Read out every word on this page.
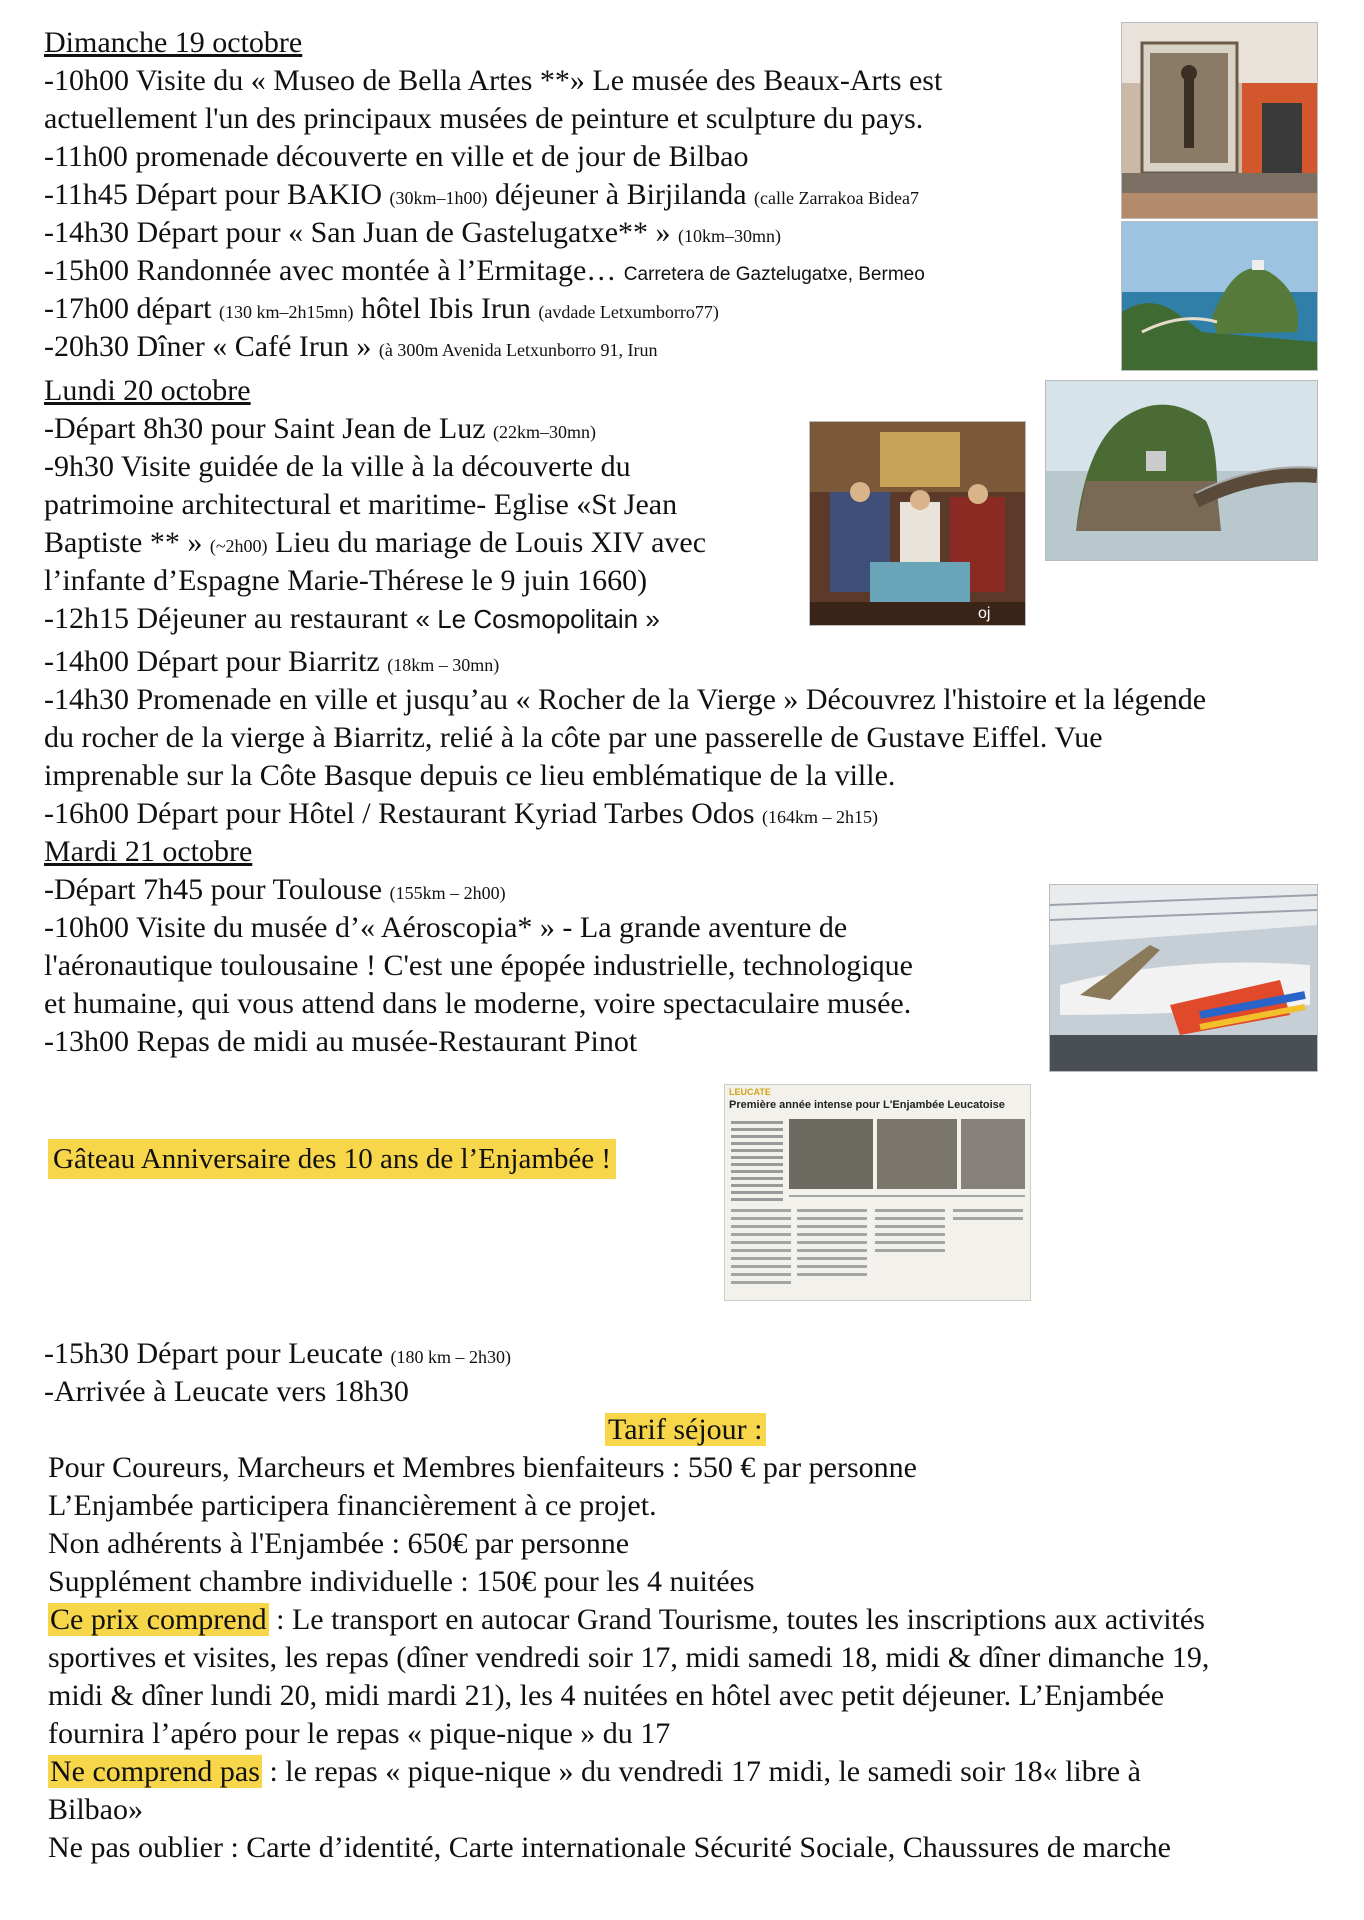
Dimanche 19 octobre
-10h00 Visite du « Museo de Bella Artes **» Le musée des Beaux-Arts est
actuellement l'un des principaux musées de peinture et sculpture du pays.
-11h00 promenade découverte en ville et de jour de Bilbao
-11h45 Départ pour BAKIO (30km–1h00) déjeuner à Birjilanda (calle Zarrakoa Bidea7
-14h30 Départ pour « San Juan de Gastelugatxe** » (10km–30mn)
-15h00 Randonnée avec montée à l’Ermitage… Carretera de Gaztelugatxe, Bermeo
-17h00 départ (130 km–2h15mn) hôtel Ibis Irun (avdade Letxumborro77)
-20h30 Dîner « Café Irun » (à 300m Avenida Letxunborro 91, Irun
Lundi 20 octobre
-Départ 8h30 pour Saint Jean de Luz (22km–30mn)
-9h30 Visite guidée de la ville à la découverte du
patrimoine architectural et maritime- Eglise «St Jean
Baptiste ** » (~2h00) Lieu du mariage de Louis XIV avec
l’infante d’Espagne Marie-Thérese le 9 juin 1660)
-12h15 Déjeuner au restaurant « Le Cosmopolitain »
-14h00 Départ pour Biarritz (18km – 30mn)
-14h30 Promenade en ville et jusqu’au « Rocher de la Vierge » Découvrez l'histoire et la légende
du rocher de la vierge à Biarritz, relié à la côte par une passerelle de Gustave Eiffel. Vue
imprenable sur la Côte Basque depuis ce lieu emblématique de la ville.
-16h00 Départ pour Hôtel / Restaurant Kyriad Tarbes Odos (164km – 2h15)
oj
Mardi 21 octobre
-Départ 7h45 pour Toulouse (155km – 2h00)
-10h00 Visite du musée d’« Aéroscopia* » - La grande aventure de
l'aéronautique toulousaine ! C'est une épopée industrielle, technologique
et humaine, qui vous attend dans le moderne, voire spectaculaire musée.
-13h00 Repas de midi au musée-Restaurant Pinot
Gâteau Anniversaire des 10 ans de l’Enjambée !
LEUCATE
Première année intense pour L'Enjambée Leucatoise
-15h30 Départ pour Leucate (180 km – 2h30)
-Arrivée à Leucate vers 18h30
Tarif séjour :
Pour Coureurs, Marcheurs et Membres bienfaiteurs : 550 € par personne
L’Enjambée participera financièrement à ce projet.
Non adhérents à l'Enjambée : 650€ par personne
Supplément chambre individuelle : 150€ pour les 4 nuitées
Ce prix comprend : Le transport en autocar Grand Tourisme, toutes les inscriptions aux activités
sportives et visites, les repas (dîner vendredi soir 17, midi samedi 18, midi & dîner dimanche 19,
midi & dîner lundi 20, midi mardi 21), les 4 nuitées en hôtel avec petit déjeuner. L’Enjambée
fournira l’apéro pour le repas « pique-nique » du 17
Ne comprend pas : le repas « pique-nique » du vendredi 17 midi, le samedi soir 18« libre à
Bilbao»
Ne pas oublier : Carte d’identité, Carte internationale Sécurité Sociale, Chaussures de marche
